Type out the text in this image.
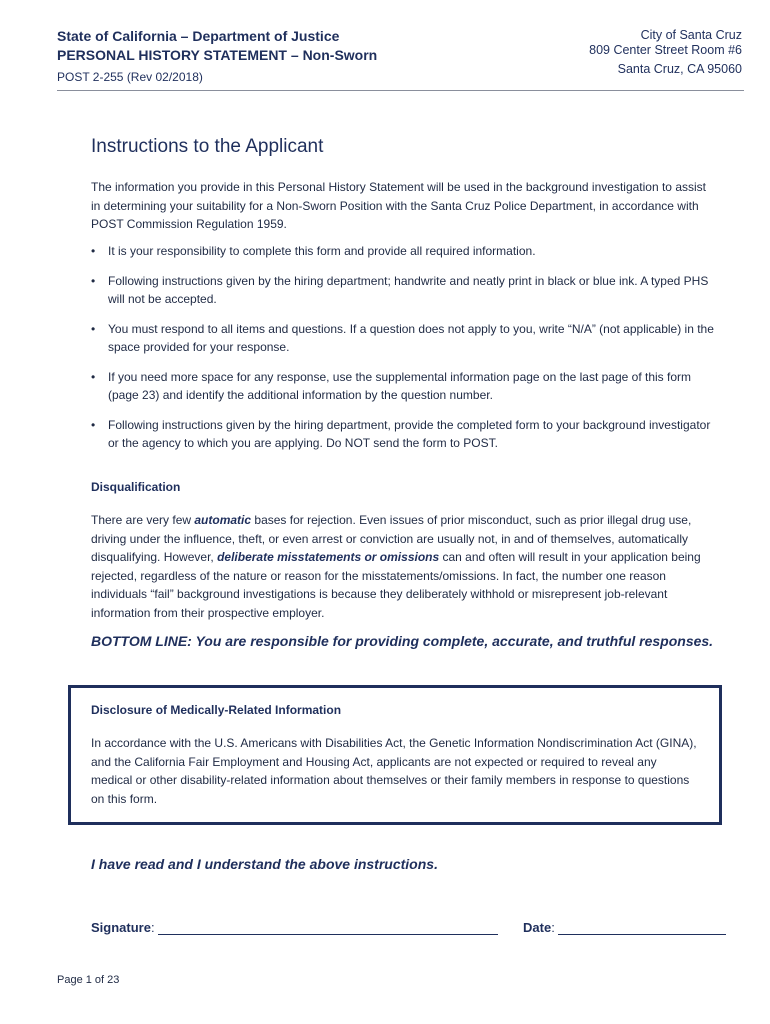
State of California – Department of Justice
PERSONAL HISTORY STATEMENT – Non-Sworn
POST 2-255 (Rev 02/2018)
City of Santa Cruz
809 Center Street Room #6
Santa Cruz, CA 95060
Instructions to the Applicant
The information you provide in this Personal History Statement will be used in the background investigation to assist in determining your suitability for a Non-Sworn Position with the Santa Cruz Police Department, in accordance with POST Commission Regulation 1959.
• It is your responsibility to complete this form and provide all required information.
• Following instructions given by the hiring department; handwrite and neatly print in black or blue ink. A typed PHS will not be accepted.
• You must respond to all items and questions. If a question does not apply to you, write “N/A” (not applicable) in the space provided for your response.
• If you need more space for any response, use the supplemental information page on the last page of this form (page 23) and identify the additional information by the question number.
• Following instructions given by the hiring department, provide the completed form to your background investigator or the agency to which you are applying. Do NOT send the form to POST.
Disqualification
There are very few automatic bases for rejection. Even issues of prior misconduct, such as prior illegal drug use, driving under the influence, theft, or even arrest or conviction are usually not, in and of themselves, automatically disqualifying. However, deliberate misstatements or omissions can and often will result in your application being rejected, regardless of the nature or reason for the misstatements/omissions. In fact, the number one reason individuals “fail” background investigations is because they deliberately withhold or misrepresent job-relevant information from their prospective employer.
BOTTOM LINE: You are responsible for providing complete, accurate, and truthful responses.
Disclosure of Medically-Related Information
In accordance with the U.S. Americans with Disabilities Act, the Genetic Information Nondiscrimination Act (GINA), and the California Fair Employment and Housing Act, applicants are not expected or required to reveal any medical or other disability-related information about themselves or their family members in response to questions on this form.
I have read and I understand the above instructions.
Signature :	Date :
Page 1 of 23
